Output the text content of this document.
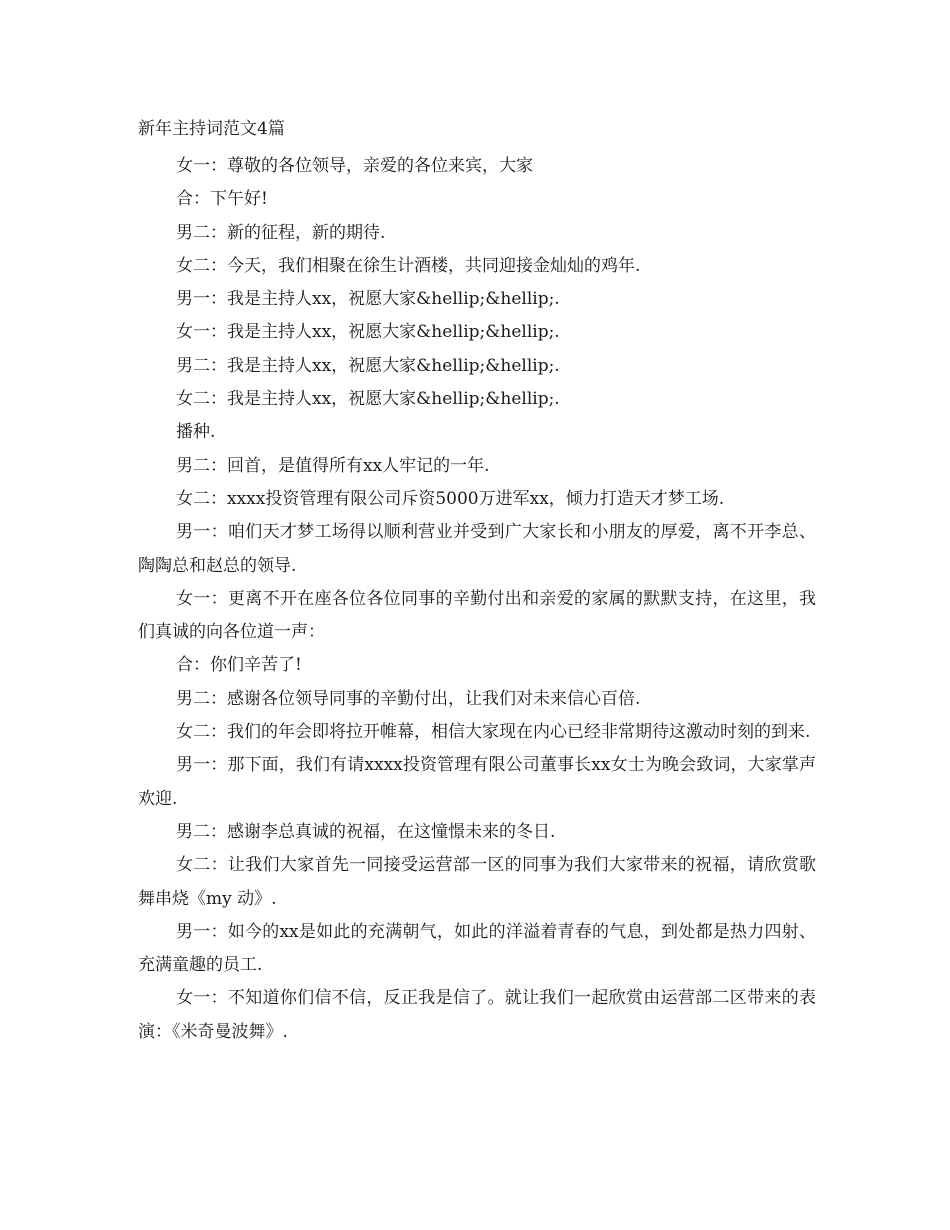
新年主持词范文4篇

女一：尊敬的各位领导，亲爱的各位来宾，大家

合：下午好!

男二：新的征程，新的期待.

女二：今天，我们相聚在徐生计酒楼，共同迎接金灿灿的鸡年.

男一：我是主持人xx，祝愿大家&hellip;&hellip;.

女一：我是主持人xx，祝愿大家&hellip;&hellip;.

男二：我是主持人xx，祝愿大家&hellip;&hellip;.

女二：我是主持人xx，祝愿大家&hellip;&hellip;.

播种.

男二：回首，是值得所有xx人牢记的一年.

女二：xxxx投资管理有限公司斥资5000万进军xx，倾力打造天才梦工场.

男一：咱们天才梦工场得以顺利营业并受到广大家长和小朋友的厚爱，离不开李总、陶陶总和赵总的领导.

女一：更离不开在座各位各位同事的辛勤付出和亲爱的家属的默默支持，在这里，我们真诚的向各位道一声：

合：你们辛苦了!

男二：感谢各位领导同事的辛勤付出，让我们对未来信心百倍.

女二：我们的年会即将拉开帷幕，相信大家现在内心已经非常期待这激动时刻的到来.

男一：那下面，我们有请xxxx投资管理有限公司董事长xx女士为晚会致词，大家掌声欢迎.

男二：感谢李总真诚的祝福，在这憧憬未来的冬日.

女二：让我们大家首先一同接受运营部一区的同事为我们大家带来的祝福，请欣赏歌舞串烧《my 动》.

男一：如今的xx是如此的充满朝气，如此的洋溢着青春的气息，到处都是热力四射、充满童趣的员工.

女一：不知道你们信不信，反正我是信了。就让我们一起欣赏由运营部二区带来的表演：《米奇曼波舞》.
